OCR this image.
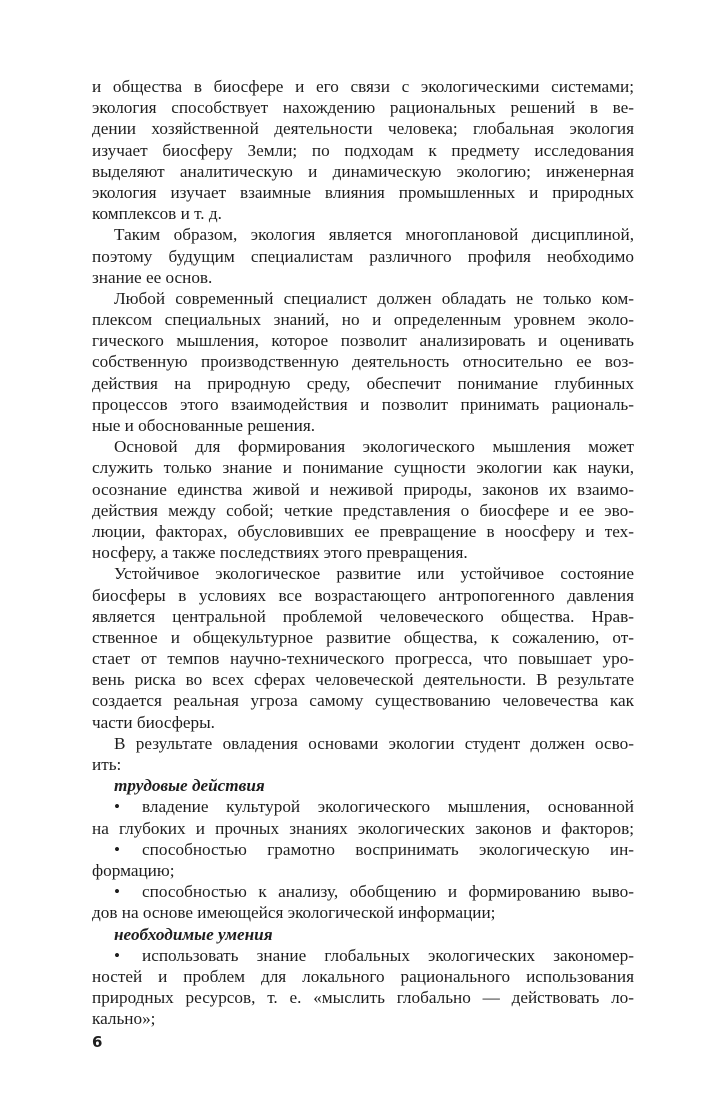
и общества в биосфере и его связи с экологическими системами;
экология способствует нахождению рациональных решений в ве-
дении хозяйственной деятельности человека; глобальная экология
изучает биосферу Земли; по подходам к предмету исследования
выделяют аналитическую и динамическую экологию; инженерная
экология изучает взаимные влияния промышленных и природных
комплексов и т. д.
Таким образом, экология является многоплановой дисциплиной,
поэтому будущим специалистам различного профиля необходимо
знание ее основ.
Любой современный специалист должен обладать не только ком-
плексом специальных знаний, но и определенным уровнем эколо-
гического мышления, которое позволит анализировать и оценивать
собственную производственную деятельность относительно ее воз-
действия на природную среду, обеспечит понимание глубинных
процессов этого взаимодействия и позволит принимать рациональ-
ные и обоснованные решения.
Основой для формирования экологического мышления может
служить только знание и понимание сущности экологии как науки,
осознание единства живой и неживой природы, законов их взаимо-
действия между собой; четкие представления о биосфере и ее эво-
люции, факторах, обусловивших ее превращение в ноосферу и тех-
носферу, а также последствиях этого превращения.
Устойчивое экологическое развитие или устойчивое состояние
биосферы в условиях все возрастающего антропогенного давления
является центральной проблемой человеческого общества. Нрав-
ственное и общекультурное развитие общества, к сожалению, от-
стает от темпов научно-технического прогресса, что повышает уро-
вень риска во всех сферах человеческой деятельности. В результате
создается реальная угроза самому существованию человечества как
части биосферы.
В результате овладения основами экологии студент должен осво-
ить:
трудовые действия
• владение культурой экологического мышления, основанной
на глубоких и прочных знаниях экологических законов и факторов;
• способностью грамотно воспринимать экологическую ин-
формацию;
• способностью к анализу, обобщению и формированию выво-
дов на основе имеющейся экологической информации;
необходимые умения
• использовать знание глобальных экологических закономер-
ностей и проблем для локального рационального использования
природных ресурсов, т. е. «мыслить глобально — действовать ло-
кально»;
6
